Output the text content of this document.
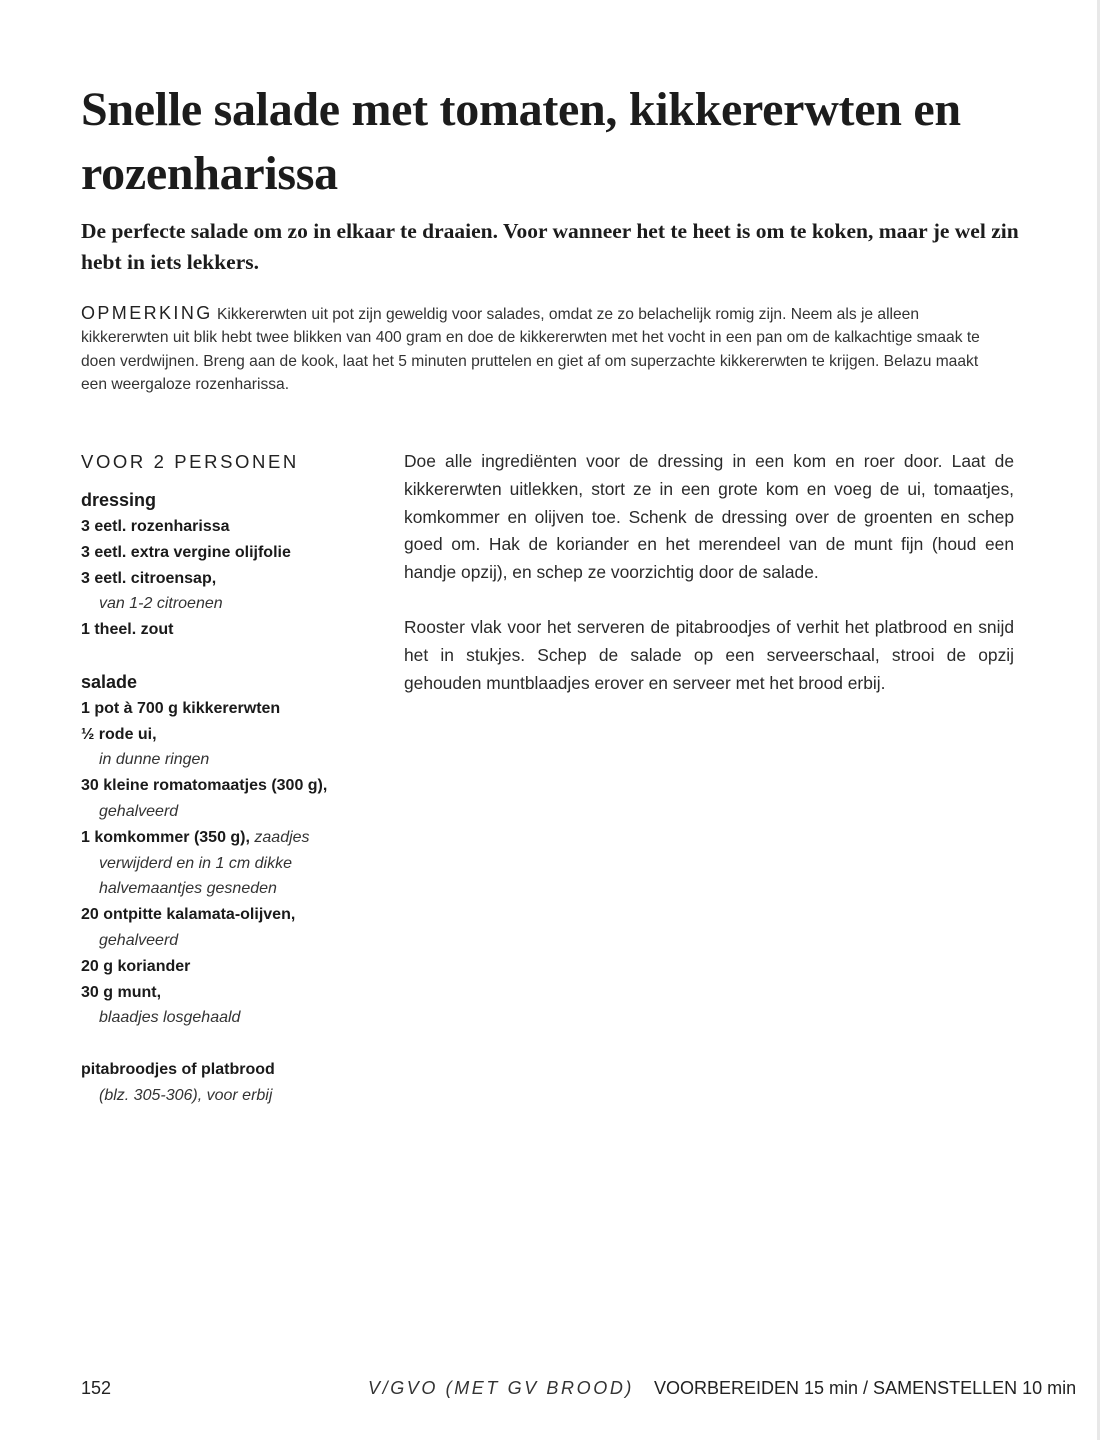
Snelle salade met tomaten, kikkererwten en rozenharissa

De perfecte salade om zo in elkaar te draaien. Voor wanneer het te heet is om te koken, maar je wel zin hebt in iets lekkers.

OPMERKING Kikkererwten uit pot zijn geweldig voor salades, omdat ze zo belachelijk romig zijn. Neem als je alleen kikkererwten uit blik hebt twee blikken van 400 gram en doe de kikkererwten met het vocht in een pan om de kalkachtige smaak te doen verdwijnen. Breng aan de kook, laat het 5 minuten pruttelen en giet af om superzachte kikkererwten te krijgen. Belazu maakt een weergaloze rozenharissa.

VOOR 2 PERSONEN
dressing
3 eetl. rozenharissa
3 eetl. extra vergine olijfolie
3 eetl. citroensap,
van 1-2 citroenen
1 theel. zout
salade
1 pot à 700 g kikkererwten
½ rode ui,
in dunne ringen
30 kleine romatomaatjes (300 g),
gehalveerd
1 komkommer (350 g), zaadjes
verwijderd en in 1 cm dikke
halvemaantjes gesneden
20 ontpitte kalamata-olijven,
gehalveerd
20 g koriander
30 g munt,
blaadjes losgehaald
pitabroodjes of platbrood
(blz. 305-306), voor erbij

Doe alle ingrediënten voor de dressing in een kom en roer door. Laat de kikkererwten uitlekken, stort ze in een grote kom en voeg de ui, tomaatjes, komkommer en olijven toe. Schenk de dressing over de groenten en schep goed om. Hak de koriander en het merendeel van de munt fijn (houd een handje opzij), en schep ze voorzichtig door de salade.

Rooster vlak voor het serveren de pitabroodjes of verhit het platbrood en snijd het in stukjes. Schep de salade op een serveerschaal, strooi de opzij gehouden muntblaadjes erover en serveer met het brood erbij.

152	V/GVO (MET GV BROOD) VOORBEREIDEN 15 min / SAMENSTELLEN 10 min
